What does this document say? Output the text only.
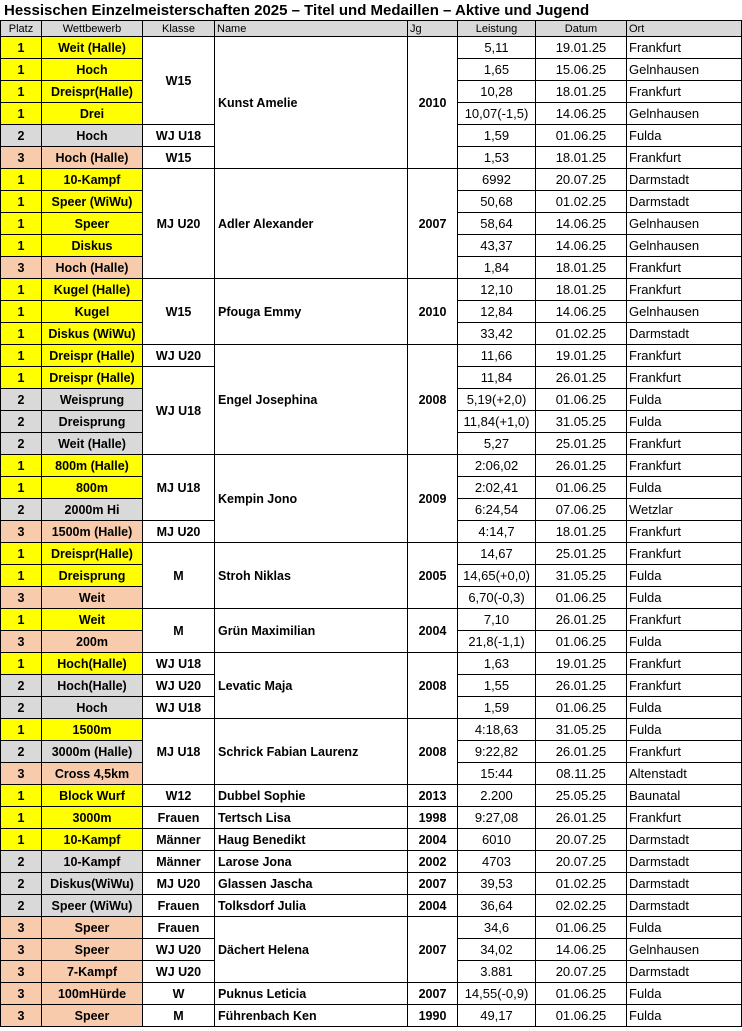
Hessischen Einzelmeisterschaften 2025 – Titel und Medaillen – Aktive und Jugend
Platz	Wettbewerb	Klasse	Name	Jg	Leistung	Datum	Ort
1	Weit (Halle)	W15	Kunst Amelie	2010	5,11	19.01.25	Frankfurt
1	Hoch				1,65	15.06.25	Gelnhausen
1	Dreispr(Halle)				10,28	18.01.25	Frankfurt
1	Drei				10,07(-1,5)	14.06.25	Gelnhausen
2	Hoch	WJ U18			1,59	01.06.25	Fulda
3	Hoch (Halle)	W15			1,53	18.01.25	Frankfurt
1	10-Kampf	MJ U20	Adler Alexander	2007	6992	20.07.25	Darmstadt
1	Speer (WiWu)				50,68	01.02.25	Darmstadt
1	Speer				58,64	14.06.25	Gelnhausen
1	Diskus				43,37	14.06.25	Gelnhausen
3	Hoch (Halle)				1,84	18.01.25	Frankfurt
1	Kugel (Halle)	W15	Pfouga Emmy	2010	12,10	18.01.25	Frankfurt
1	Kugel				12,84	14.06.25	Gelnhausen
1	Diskus (WiWu)				33,42	01.02.25	Darmstadt
1	Dreispr (Halle)	WJ U20	Engel Josephina	2008	11,66	19.01.25	Frankfurt
1	Dreispr (Halle)	WJ U18			11,84	26.01.25	Frankfurt
2	Weisprung				5,19(+2,0)	01.06.25	Fulda
2	Dreisprung				11,84(+1,0)	31.05.25	Fulda
2	Weit (Halle)				5,27	25.01.25	Frankfurt
1	800m (Halle)	MJ U18	Kempin Jono	2009	2:06,02	26.01.25	Frankfurt
1	800m				2:02,41	01.06.25	Fulda
2	2000m Hi				6:24,54	07.06.25	Wetzlar
3	1500m (Halle)	MJ U20			4:14,7	18.01.25	Frankfurt
1	Dreispr(Halle)	M	Stroh Niklas	2005	14,67	25.01.25	Frankfurt
1	Dreisprung				14,65(+0,0)	31.05.25	Fulda
3	Weit				6,70(-0,3)	01.06.25	Fulda
1	Weit	M	Grün Maximilian	2004	7,10	26.01.25	Frankfurt
3	200m				21,8(-1,1)	01.06.25	Fulda
1	Hoch(Halle)	WJ U18	Levatic Maja	2008	1,63	19.01.25	Frankfurt
2	Hoch(Halle)	WJ U20			1,55	26.01.25	Frankfurt
2	Hoch	WJ U18			1,59	01.06.25	Fulda
1	1500m	MJ U18	Schrick Fabian Laurenz	2008	4:18,63	31.05.25	Fulda
2	3000m (Halle)				9:22,82	26.01.25	Frankfurt
3	Cross 4,5km				15:44	08.11.25	Altenstadt
1	Block Wurf	W12	Dubbel Sophie	2013	2.200	25.05.25	Baunatal
1	3000m	Frauen	Tertsch Lisa	1998	9:27,08	26.01.25	Frankfurt
1	10-Kampf	Männer	Haug Benedikt	2004	6010	20.07.25	Darmstadt
2	10-Kampf	Männer	Larose Jona	2002	4703	20.07.25	Darmstadt
2	Diskus(WiWu)	MJ U20	Glassen Jascha	2007	39,53	01.02.25	Darmstadt
2	Speer (WiWu)	Frauen	Tolksdorf Julia	2004	36,64	02.02.25	Darmstadt
3	Speer	Frauen	Dächert Helena	2007	34,6	01.06.25	Fulda
3	Speer	WJ U20			34,02	14.06.25	Gelnhausen
3	7-Kampf	WJ U20			3.881	20.07.25	Darmstadt
3	100mHürde	W	Puknus Leticia	2007	14,55(-0,9)	01.06.25	Fulda
3	Speer	M	Führenbach Ken	1990	49,17	01.06.25	Fulda
